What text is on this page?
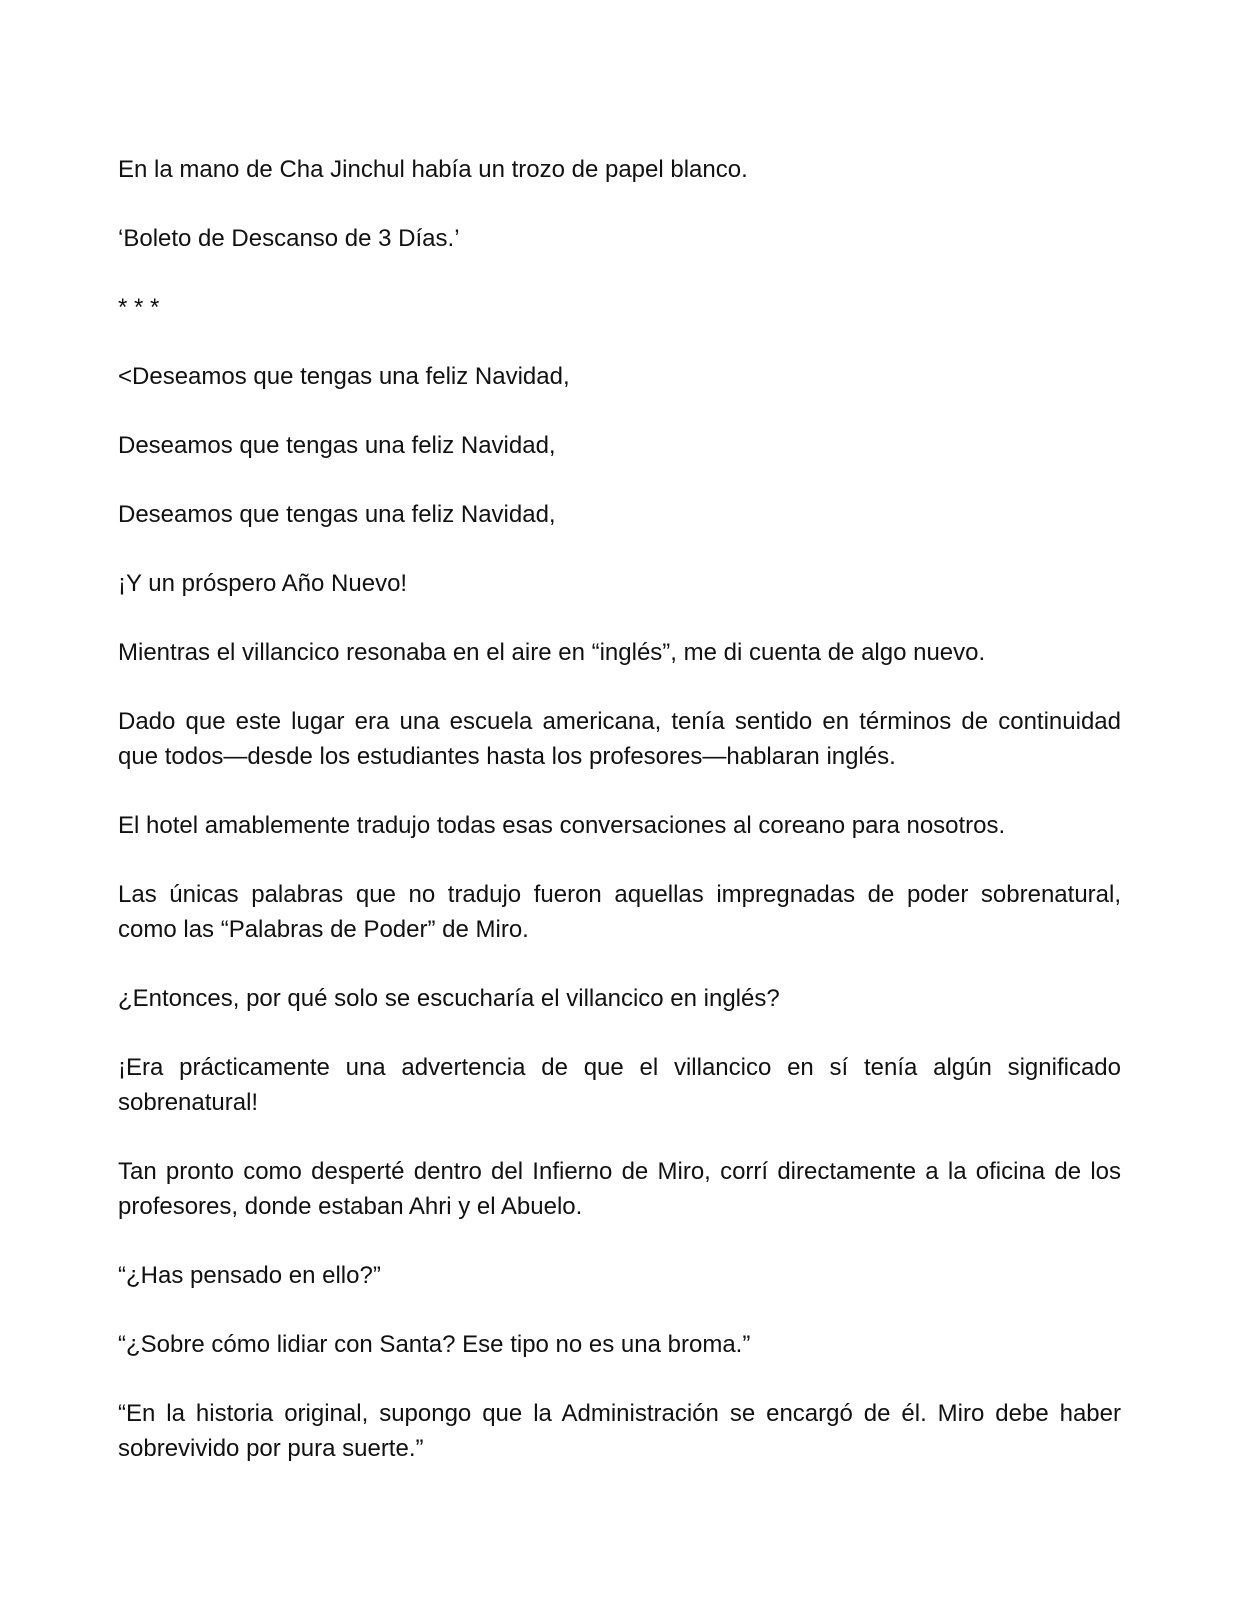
En la mano de Cha Jinchul había un trozo de papel blanco.

‘Boleto de Descanso de 3 Días.’

* * *

<Deseamos que tengas una feliz Navidad,

Deseamos que tengas una feliz Navidad,

Deseamos que tengas una feliz Navidad,

¡Y un próspero Año Nuevo!

Mientras el villancico resonaba en el aire en “inglés”, me di cuenta de algo nuevo.

Dado que este lugar era una escuela americana, tenía sentido en términos de continuidad que todos—desde los estudiantes hasta los profesores—hablaran inglés.

El hotel amablemente tradujo todas esas conversaciones al coreano para nosotros.

Las únicas palabras que no tradujo fueron aquellas impregnadas de poder sobrenatural, como las “Palabras de Poder” de Miro.

¿Entonces, por qué solo se escucharía el villancico en inglés?

¡Era prácticamente una advertencia de que el villancico en sí tenía algún significado sobrenatural!

Tan pronto como desperté dentro del Infierno de Miro, corrí directamente a la oficina de los profesores, donde estaban Ahri y el Abuelo.

“¿Has pensado en ello?”

“¿Sobre cómo lidiar con Santa? Ese tipo no es una broma.”

“En la historia original, supongo que la Administración se encargó de él. Miro debe haber sobrevivido por pura suerte.”
